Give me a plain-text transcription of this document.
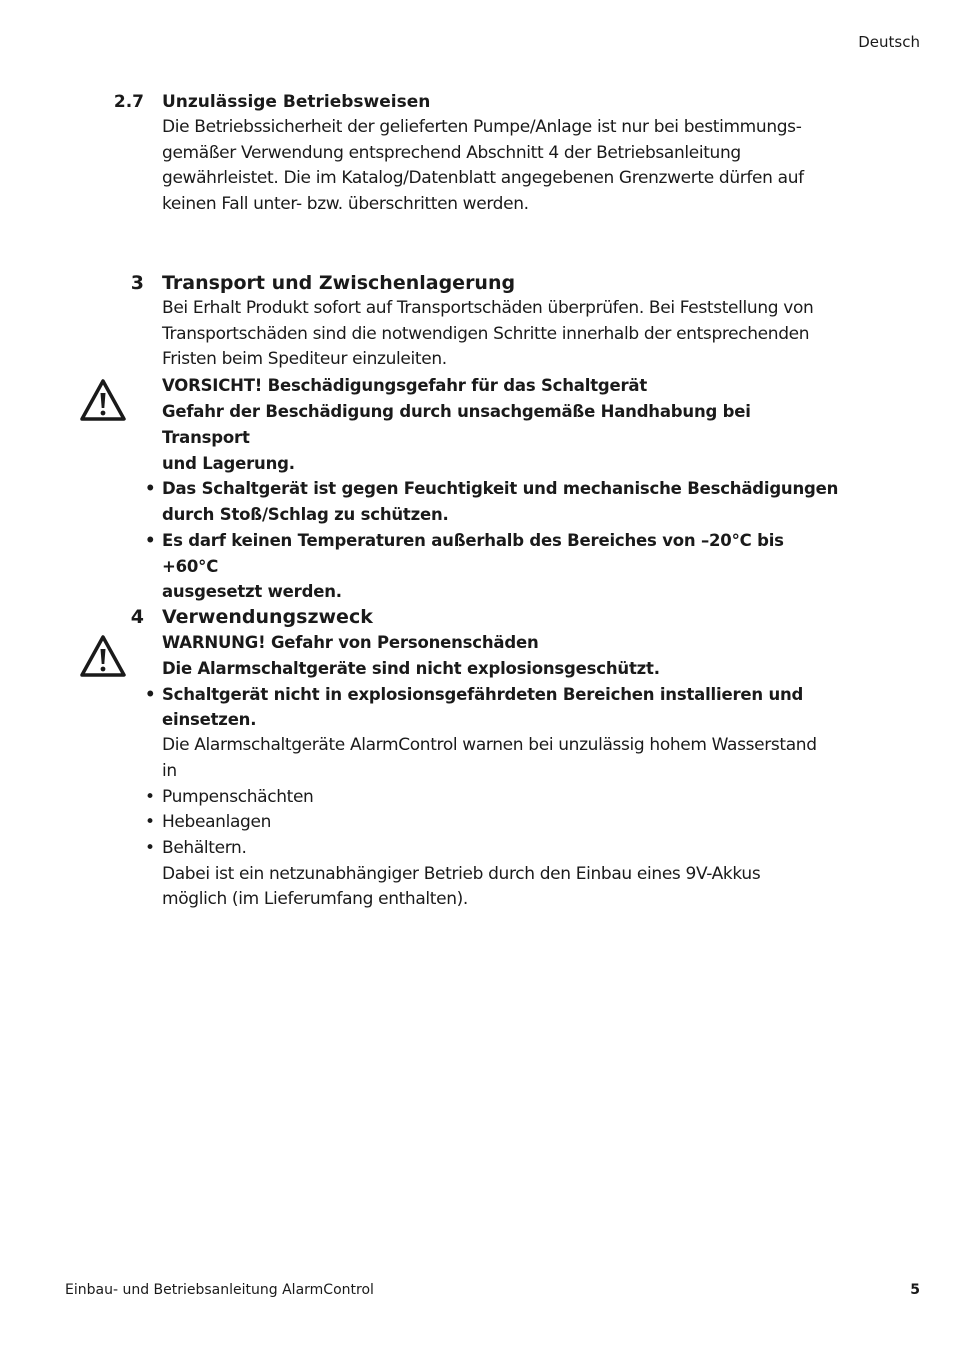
Deutsch
2.7 Unzulässige Betriebsweisen

Die Betriebssicherheit der gelieferten Pumpe/Anlage ist nur bei bestimmungs-

gemäßer Verwendung entsprechend Abschnitt 4 der Betriebsanleitung

gewährleistet. Die im Katalog/Datenblatt angegebenen Grenzwerte dürfen auf

keinen Fall unter- bzw. überschritten werden.

3 Transport und Zwischenlagerung

Bei Erhalt Produkt sofort auf Transportschäden überprüfen. Bei Feststellung von

Transportschäden sind die notwendigen Schritte innerhalb der entsprechenden

Fristen beim Spediteur einzuleiten.

VORSICHT! Beschädigungsgefahr für das Schaltgerät

Gefahr der Beschädigung durch unsachgemäße Handhabung bei Transport

und Lagerung.

• Das Schaltgerät ist gegen Feuchtigkeit und mechanische Beschädigungen

durch Stoß/Schlag zu schützen.

• Es darf keinen Temperaturen außerhalb des Bereiches von –20°C bis +60°C

ausgesetzt werden.

4 Verwendungszweck

WARNUNG! Gefahr von Personenschäden

Die Alarmschaltgeräte sind nicht explosionsgeschützt.

• Schaltgerät nicht in explosionsgefährdeten Bereichen installieren und

einsetzen.

Die Alarmschaltgeräte AlarmControl warnen bei unzulässig hohem Wasserstand

in

• Pumpenschächten
• Hebeanlagen
• Behältern.

Dabei ist ein netzunabhängiger Betrieb durch den Einbau eines 9V-Akkus

möglich (im Lieferumfang enthalten).

Einbau- und Betriebsanleitung AlarmControl	5
